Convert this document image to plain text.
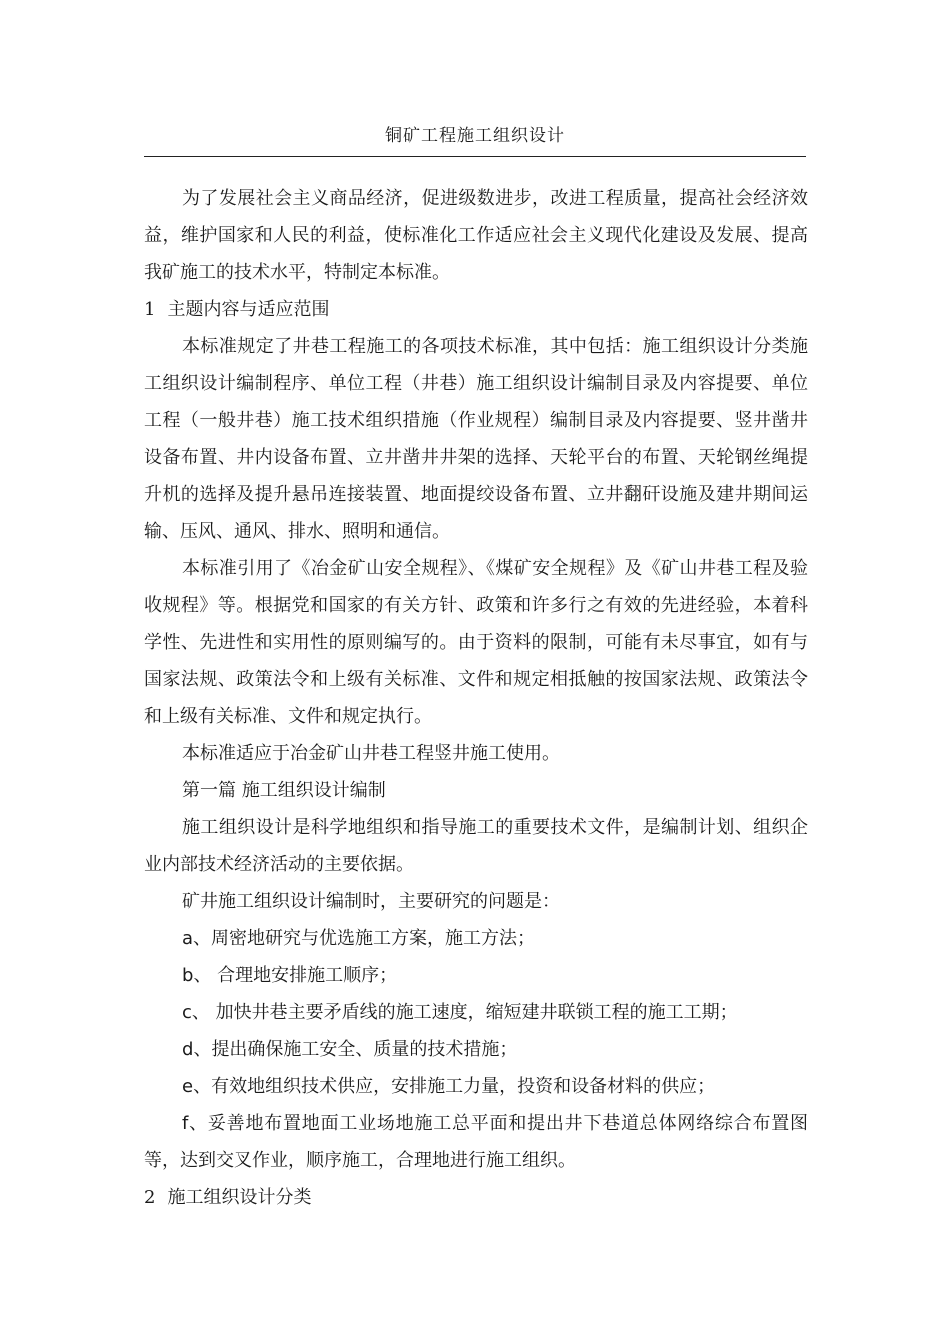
铜矿工程施工组织设计

为了发展社会主义商品经济，促进级数进步，改进工程质量，提高社会经济效益，维护国家和人民的利益，使标准化工作适应社会主义现代化建设及发展、提高我矿施工的技术水平，特制定本标准。

1 主题内容与适应范围

本标准规定了井巷工程施工的各项技术标准，其中包括：施工组织设计分类施工组织设计编制程序、单位工程（井巷）施工组织设计编制目录及内容提要、单位工程（一般井巷）施工技术组织措施（作业规程）编制目录及内容提要、竖井凿井设备布置、井内设备布置、立井凿井井架的选择、天轮平台的布置、天轮钢丝绳提升机的选择及提升悬吊连接装置、地面提绞设备布置、立井翻矸设施及建井期间运输、压风、通风、排水、照明和通信。

本标准引用了《冶金矿山安全规程》、《煤矿安全规程》及《矿山井巷工程及验收规程》等。根据党和国家的有关方针、政策和许多行之有效的先进经验，本着科学性、先进性和实用性的原则编写的。由于资料的限制，可能有未尽事宜，如有与国家法规、政策法令和上级有关标准、文件和规定相抵触的按国家法规、政策法令和上级有关标准、文件和规定执行。

本标准适应于冶金矿山井巷工程竖井施工使用。

第一篇 施工组织设计编制

施工组织设计是科学地组织和指导施工的重要技术文件，是编制计划、组织企业内部技术经济活动的主要依据。

矿井施工组织设计编制时，主要研究的问题是：

a、周密地研究与优选施工方案，施工方法；

b、 合理地安排施工顺序；

c、 加快井巷主要矛盾线的施工速度，缩短建井联锁工程的施工工期；

d、提出确保施工安全、质量的技术措施；

e、有效地组织技术供应，安排施工力量，投资和设备材料的供应；

f、妥善地布置地面工业场地施工总平面和提出井下巷道总体网络综合布置图等，达到交叉作业，顺序施工，合理地进行施工组织。

2 施工组织设计分类
